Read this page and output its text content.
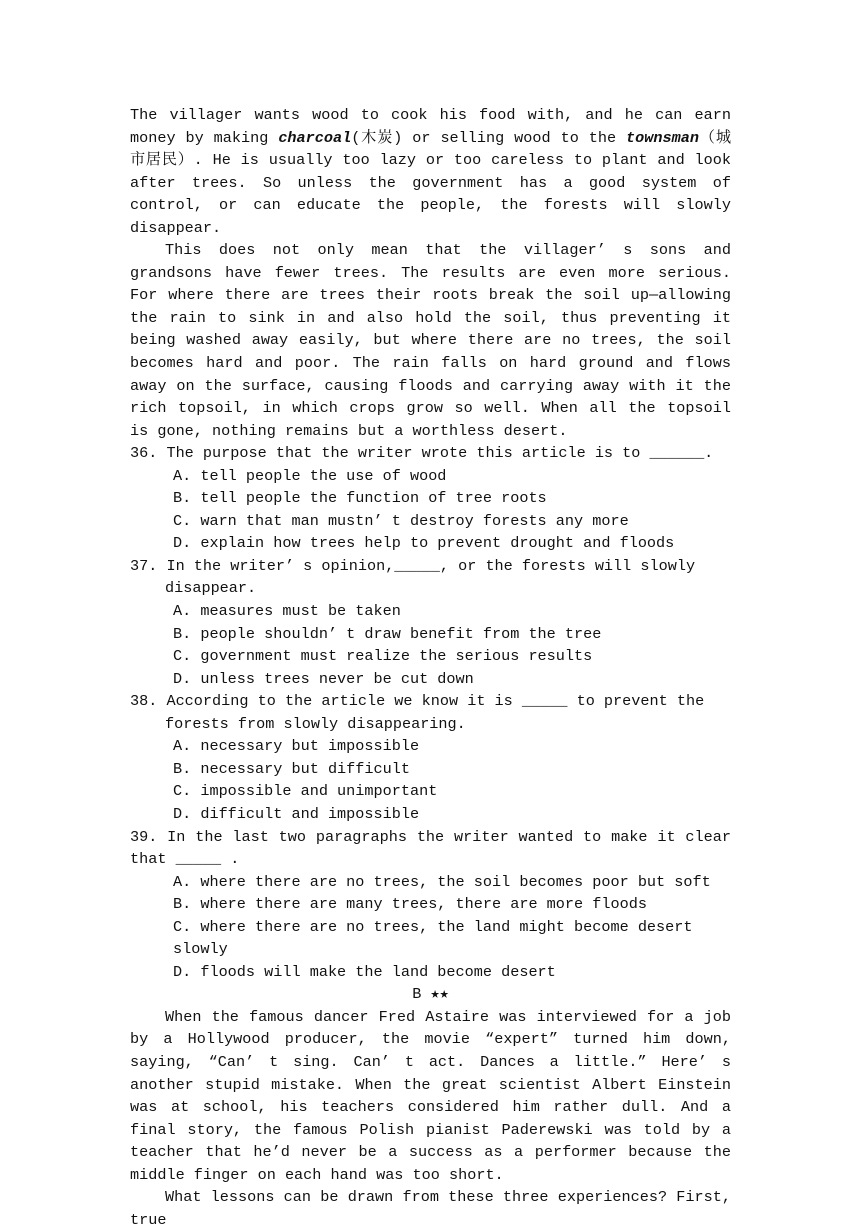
The villager wants wood to cook his food with, and he can earn money by making charcoal(木炭) or selling wood to the townsman（城市居民）. He is usually too lazy or too careless to plant and look after trees. So unless the government has a good system of control, or can educate the people, the forests will slowly disappear.

This does not only mean that the villager’ s sons and grandsons have fewer trees. The results are even more serious. For where there are trees their roots break the soil up—allowing the rain to sink in and also hold the soil, thus preventing it being washed away easily, but where there are no trees, the soil becomes hard and poor. The rain falls on hard ground and flows away on the surface, causing floods and carrying away with it the rich topsoil, in which crops grow so well. When all the topsoil is gone, nothing remains but a worthless desert.

36. The purpose that the writer wrote this article is to ______.

A. tell people the use of wood

B. tell people the function of tree roots

C. warn that man mustn’ t destroy forests any more

D. explain how trees help to prevent drought and floods

37. In the writer’ s opinion,_____, or the forests will slowly disappear.

A. measures must be taken

B. people shouldn’ t draw benefit from the tree

C. government must realize the serious results

D. unless trees never be cut down

38. According to the article we know it is _____ to prevent the forests from slowly disappearing.

A. necessary but impossible

B. necessary but difficult

C. impossible and unimportant

D. difficult and impossible

39. In the last two paragraphs the writer wanted to make it clear that _____ .

A. where there are no trees, the soil becomes poor but soft

B. where there are many trees, there are more floods

C. where there are no trees, the land might become desert slowly

D. floods will make the land become desert

B ★★

When the famous dancer Fred Astaire was interviewed for a job by a Hollywood producer, the movie “expert” turned him down, saying, “Can’ t sing. Can’ t act. Dances a little.” Here’ s another stupid mistake. When the great scientist Albert Einstein was at school, his teachers considered him rather dull. And a final story, the famous Polish pianist Paderewski was told by a teacher that he’d never be a success as a performer because the middle finger on each hand was too short.

What lessons can be drawn from these three experiences? First, true
